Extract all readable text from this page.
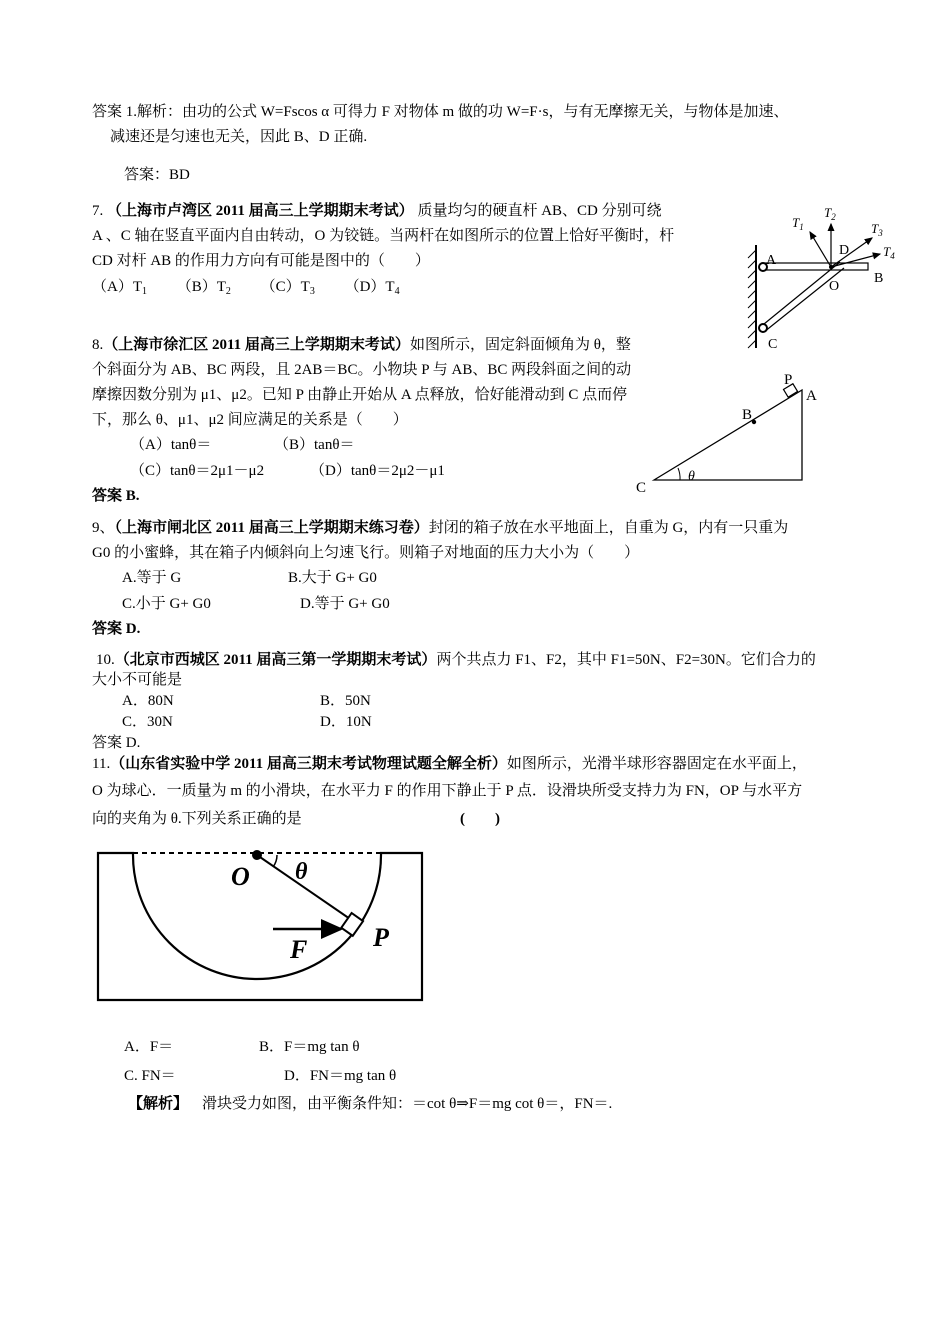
答案 1.解析：由功的公式 W=Fscos α 可得力 F 对物体 m 做的功 W=F·s，与有无摩擦无关，与物体是加速、
减速还是匀速也无关，因此 B、D 正确.
答案：BD
7. （上海市卢湾区 2011 届高三上学期期末考试） 质量均匀的硬直杆 AB、CD 分别可绕
A 、C 轴在竖直平面内自由转动，O 为铰链。当两杆在如图所示的位置上恰好平衡时，杆
CD 对杆 AB 的作用力方向有可能是图中的（　　）
$(A)T_1$ $(B)T_2$ $(C)T_3$ $(D)T_4$
A
B
C
D
O
$T_1$
$T_2$
$T_3$
$T_4$
8.（上海市徐汇区 2011 届高三上学期期末考试）如图所示，固定斜面倾角为 θ，整
个斜面分为 AB、BC 两段，且 2AB＝BC。小物块 P 与 AB、BC 两段斜面之间的动
摩擦因数分别为 μ1、μ2。已知 P 由静止开始从 A 点释放，恰好能滑动到 C 点而停
下，那么 θ、μ1、μ2 间应满足的关系是（　　）
（A）tanθ＝	（B）tanθ＝
（C）tanθ＝2μ1－μ2	（D）tanθ＝2μ2－μ1
答案 B.
P
A
B
C
θ
9、（上海市闸北区 2011 届高三上学期期末练习卷）封闭的箱子放在水平地面上，自重为 G，内有一只重为
G0 的小蜜蜂，其在箱子内倾斜向上匀速飞行。则箱子对地面的压力大小为（　　）
A.等于 G	B.大于 G+ G0
C.小于 G+ G0	D.等于 G+ G0
答案 D.
10.（北京市西城区 2011 届高三第一学期期末考试）两个共点力 F1、F2，其中 F1=50N、F2=30N。它们合力的
大小不可能是
A．80N	B．50N
C．30N	D．10N
答案 D.
11.（山东省实验中学 2011 届高三期末考试物理试题全解全析）如图所示，光滑半球形容器固定在水平面上，
O 为球心．一质量为 m 的小滑块，在水平力 F 的作用下静止于 P 点．设滑块所受支持力为 FN，OP 与水平方
向的夹角为 θ.下列关系正确的是	(　　)
O θ
F	P
A．F＝	B．F＝mg tan θ
C. FN＝	D．FN＝mg tan θ
【解析】 滑块受力如图，由平衡条件知：＝cot θ⇒F＝mg cot θ＝，FN＝.
